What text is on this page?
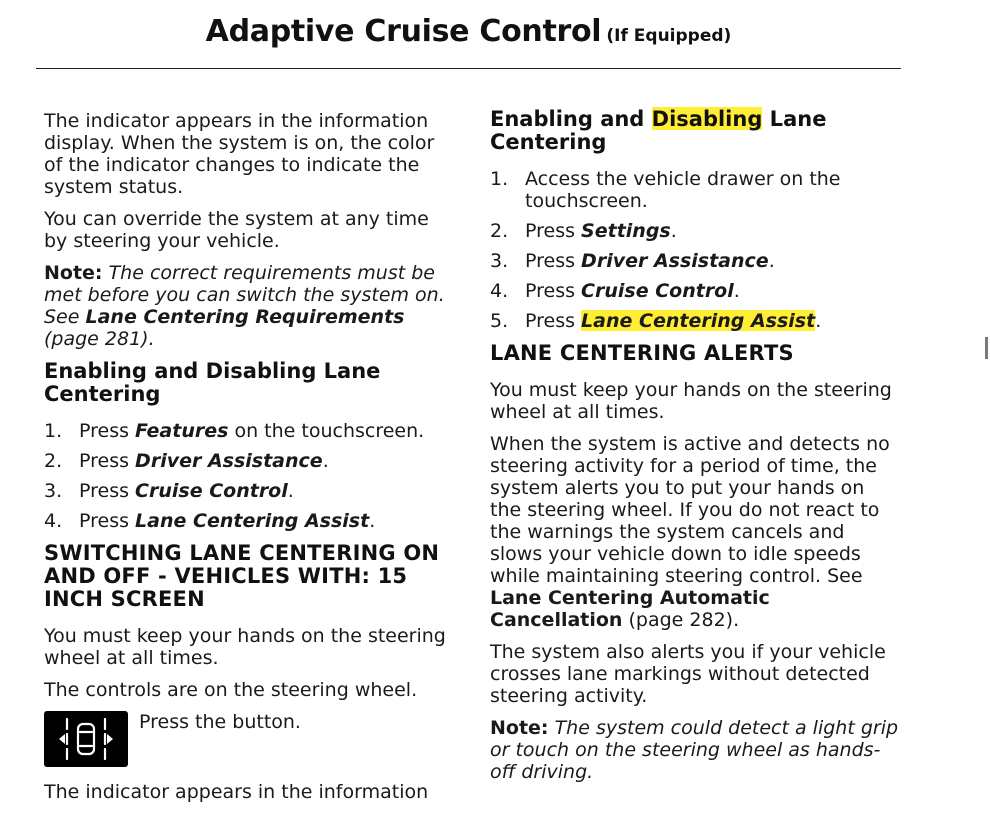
Adaptive Cruise Control (If Equipped)

The indicator appears in the information display. When the system is on, the color of the indicator changes to indicate the system status.

You can override the system at any time by steering your vehicle.

Note: The correct requirements must be met before you can switch the system on. See Lane Centering Requirements (page 281).

Enabling and Disabling Lane Centering
1. Press Features on the touchscreen.
2. Press Driver Assistance.
3. Press Cruise Control.
4. Press Lane Centering Assist.
SWITCHING LANE CENTERING ON AND OFF - VEHICLES WITH: 15 INCH SCREEN

You must keep your hands on the steering wheel at all times.

The controls are on the steering wheel.

Press the button.

The indicator appears in the information

Enabling and Disabling Lane Centering
1. Access the vehicle drawer on the touchscreen.
2. Press Settings.
3. Press Driver Assistance.
4. Press Cruise Control.
5. Press Lane Centering Assist.
LANE CENTERING ALERTS

You must keep your hands on the steering wheel at all times.

When the system is active and detects no steering activity for a period of time, the system alerts you to put your hands on the steering wheel. If you do not react to the warnings the system cancels and slows your vehicle down to idle speeds while maintaining steering control. See Lane Centering Automatic Cancellation (page 282).

The system also alerts you if your vehicle crosses lane markings without detected steering activity.

Note: The system could detect a light grip or touch on the steering wheel as hands-off driving.
